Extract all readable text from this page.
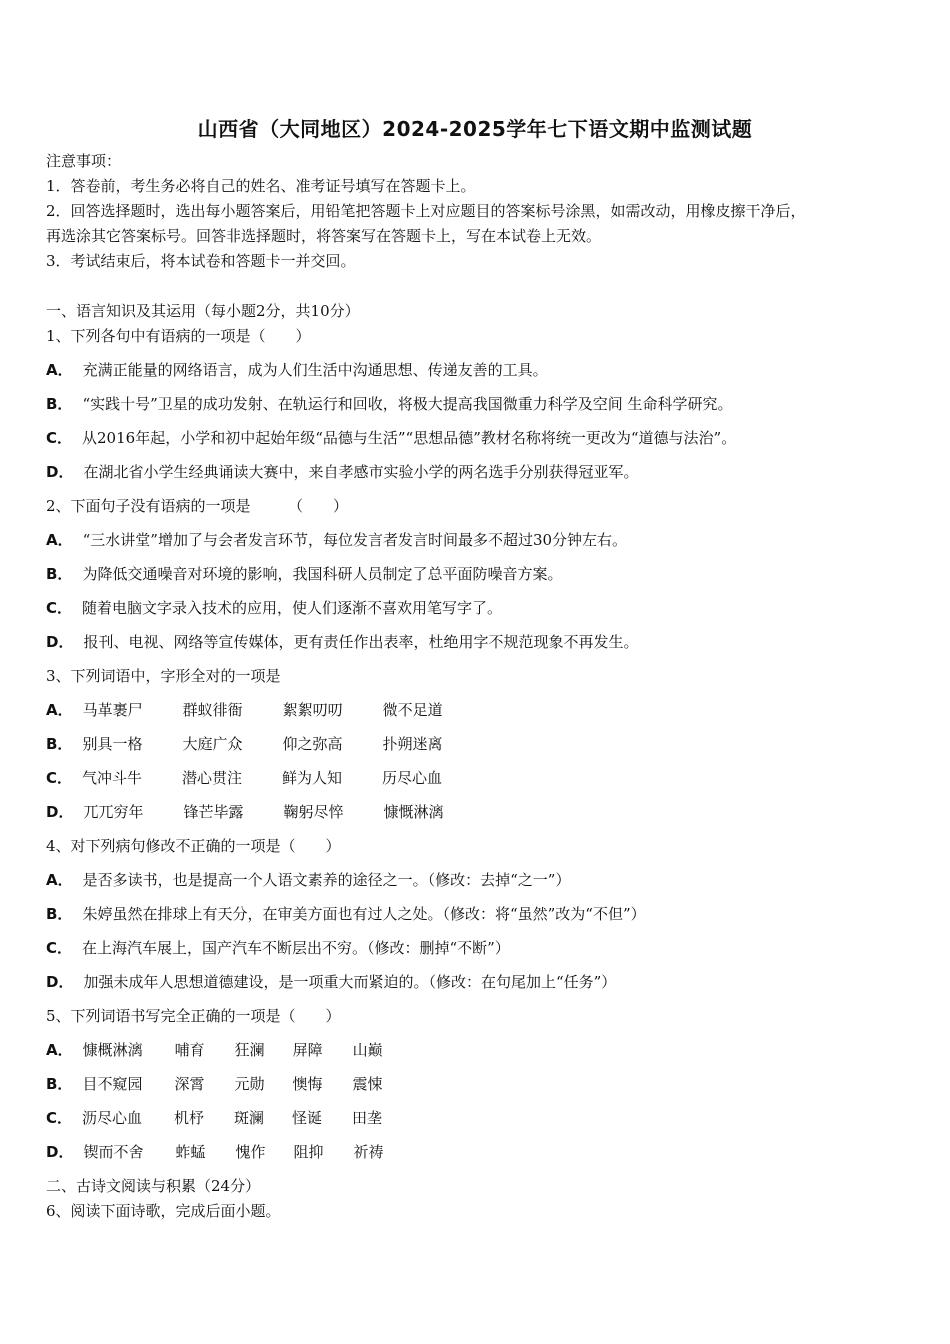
山西省（大同地区）2024-2025学年七下语文期中监测试题
注意事项：
1．答卷前，考生务必将自己的姓名、准考证号填写在答题卡上。
2．回答选择题时，选出每小题答案后，用铅笔把答题卡上对应题目的答案标号涂黑，如需改动，用橡皮擦干净后，
再选涂其它答案标号。回答非选择题时，将答案写在答题卡上，写在本试卷上无效。
3．考试结束后，将本试卷和答题卡一并交回。
一、语言知识及其运用（每小题2分，共10分）
1、下列各句中有语病的一项是（　　）
A． 充满正能量的网络语言，成为人们生活中沟通思想、传递友善的工具。
B． “实践十号”卫星的成功发射、在轨运行和回收，将极大提高我国微重力科学及空间 生命科学研究。
C． 从2016年起，小学和初中起始年级“品德与生活”“思想品德”教材名称将统一更改为“道德与法治”。
D． 在湖北省小学生经典诵读大赛中，来自孝感市实验小学的两名选手分别获得冠亚军。
2、下面句子没有语病的一项是　　　（　　）
A． “三水讲堂”增加了与会者发言环节，每位发言者发言时间最多不超过30分钟左右。
B． 为降低交通噪音对环境的影响，我国科研人员制定了总平面防噪音方案。
C． 随着电脑文字录入技术的应用，使人们逐渐不喜欢用笔写字了。
D． 报刊、电视、网络等宣传媒体，更有责任作出表率，杜绝用字不规范现象不再发生。
3、下列词语中，字形全对的一项是
A． 马革裹尸	群蚁徘衙	絮絮叨叨	微不足道
B． 别具一格	大庭广众	仰之弥高	扑朔迷离
C． 气冲斗牛	潜心贯注	鲜为人知	历尽心血
D． 兀兀穷年	锋芒毕露	鞠躬尽悴	慷慨淋漓
4、对下列病句修改不正确的一项是（　　）
A． 是否多读书，也是提高一个人语文素养的途径之一。（修改：去掉“之一”）
B． 朱婷虽然在排球上有天分，在审美方面也有过人之处。（修改：将“虽然”改为“不但”）
C． 在上海汽车展上，国产汽车不断层出不穷。（修改：删掉“不断”）
D． 加强未成年人思想道德建设，是一项重大而紧迫的。（修改：在句尾加上“任务”）
5、下列词语书写完全正确的一项是（　　）
A． 慷概淋漓	哺育	狂澜	屏障	山巅
B． 目不窥园	深霄	元勋	懊悔	震悚
C． 沥尽心血	机杼	斑澜	怪诞	田垄
D． 锲而不舍	蚱蜢	愧作	阻抑	祈祷
二、古诗文阅读与积累（24分）
6、阅读下面诗歌，完成后面小题。
